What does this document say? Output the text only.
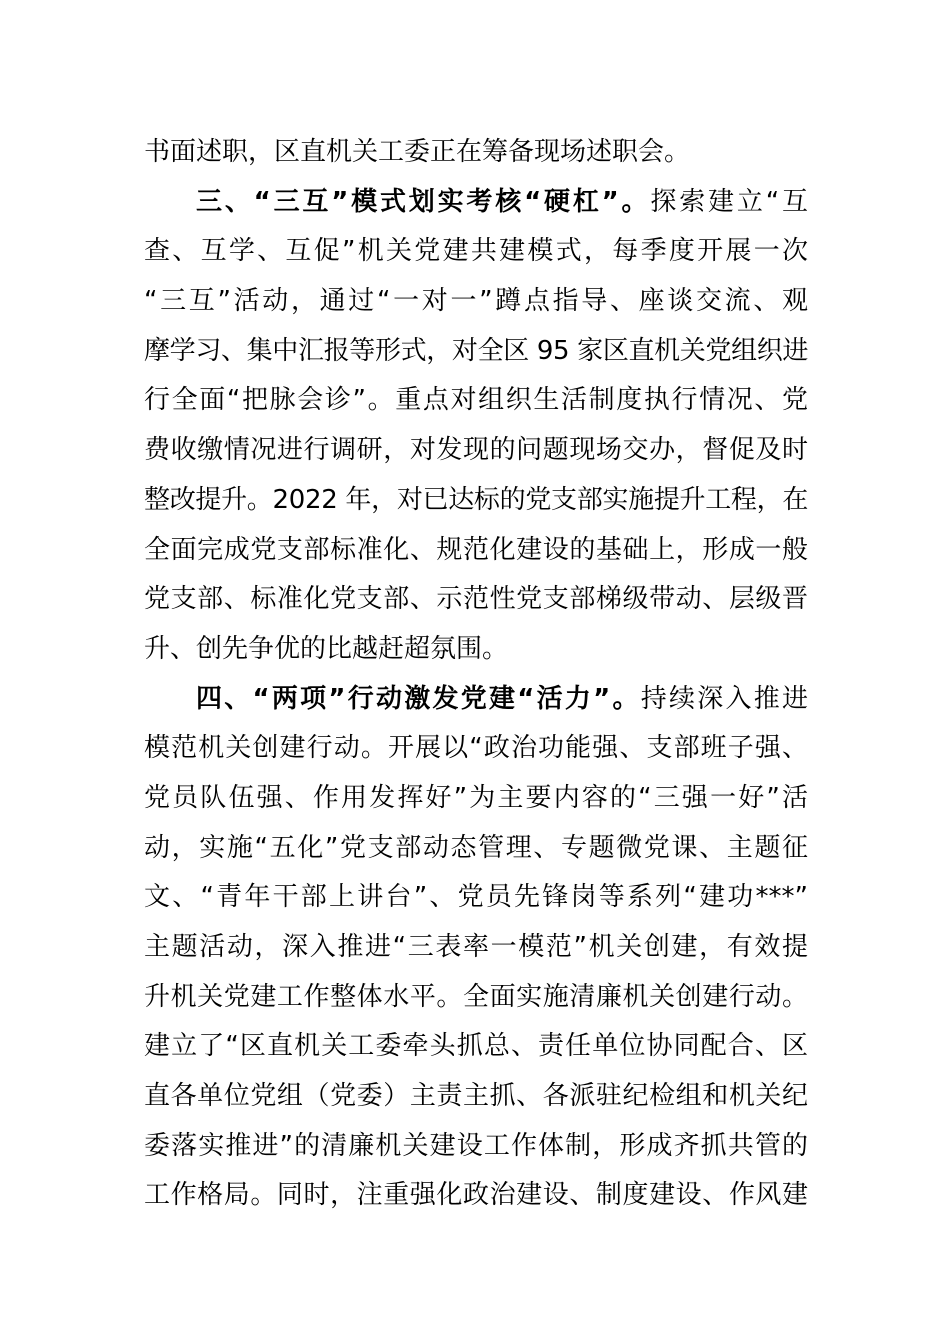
书面述职，区直机关工委正在筹备现场述职会。
三、“三互”模式划实考核“硬杠”。探索建立“互
查、互学、互促”机关党建共建模式，每季度开展一次
“三互”活动，通过“一对一”蹲点指导、座谈交流、观
摩学习、集中汇报等形式，对全区 95 家区直机关党组织进
行全面“把脉会诊”。重点对组织生活制度执行情况、党
费收缴情况进行调研，对发现的问题现场交办，督促及时
整改提升。2022 年，对已达标的党支部实施提升工程，在
全面完成党支部标准化、规范化建设的基础上，形成一般
党支部、标准化党支部、示范性党支部梯级带动、层级晋
升、创先争优的比越赶超氛围。
四、“两项”行动激发党建“活力”。持续深入推进
模范机关创建行动。开展以“政治功能强、支部班子强、
党员队伍强、作用发挥好”为主要内容的“三强一好”活
动，实施“五化”党支部动态管理、专题微党课、主题征
文、“青年干部上讲台”、党员先锋岗等系列“建功***”
主题活动，深入推进“三表率一模范”机关创建，有效提
升机关党建工作整体水平。全面实施清廉机关创建行动。
建立了“区直机关工委牵头抓总、责任单位协同配合、区
直各单位党组（党委）主责主抓、各派驻纪检组和机关纪
委落实推进”的清廉机关建设工作体制，形成齐抓共管的
工作格局。同时，注重强化政治建设、制度建设、作风建
